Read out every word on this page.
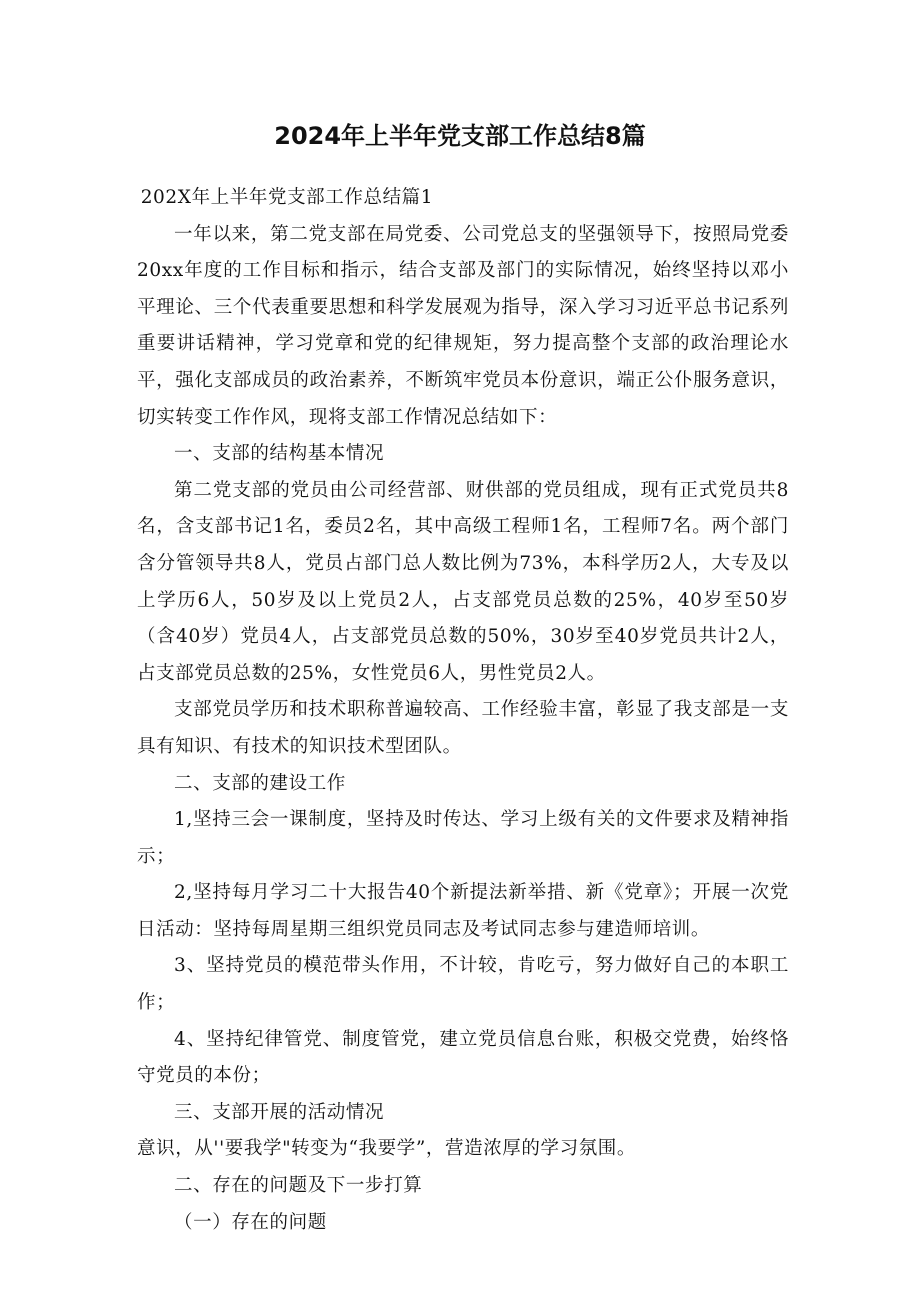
2024年上半年党支部工作总结8篇

202X年上半年党支部工作总结篇1

一年以来，第二党支部在局党委、公司党总支的坚强领导下，按照局党委20xx年度的工作目标和指示，结合支部及部门的实际情况，始终坚持以邓小平理论、三个代表重要思想和科学发展观为指导，深入学习习近平总书记系列重要讲话精神，学习党章和党的纪律规矩，努力提高整个支部的政治理论水平，强化支部成员的政治素养，不断筑牢党员本份意识，端正公仆服务意识，切实转变工作作风，现将支部工作情况总结如下：

一、支部的结构基本情况

第二党支部的党员由公司经营部、财供部的党员组成，现有正式党员共8名，含支部书记1名，委员2名，其中高级工程师1名，工程师7名。两个部门含分管领导共8人，党员占部门总人数比例为73%，本科学历2人，大专及以上学历6人，50岁及以上党员2人，占支部党员总数的25%，40岁至50岁（含40岁）党员4人，占支部党员总数的50%，30岁至40岁党员共计2人，占支部党员总数的25%，女性党员6人，男性党员2人。

支部党员学历和技术职称普遍较高、工作经验丰富，彰显了我支部是一支具有知识、有技术的知识技术型团队。

二、支部的建设工作

1,坚持三会一课制度，坚持及时传达、学习上级有关的文件要求及精神指示；

2,坚持每月学习二十大报告40个新提法新举措、新《党章》；开展一次党日活动：坚持每周星期三组织党员同志及考试同志参与建造师培训。

3、坚持党员的模范带头作用，不计较，肯吃亏，努力做好自己的本职工作；

4、坚持纪律管党、制度管党，建立党员信息台账，积极交党费，始终恪守党员的本份；

三、支部开展的活动情况

意识，从''要我学"转变为“我要学”，营造浓厚的学习氛围。

二、存在的问题及下一步打算

（一）存在的问题
